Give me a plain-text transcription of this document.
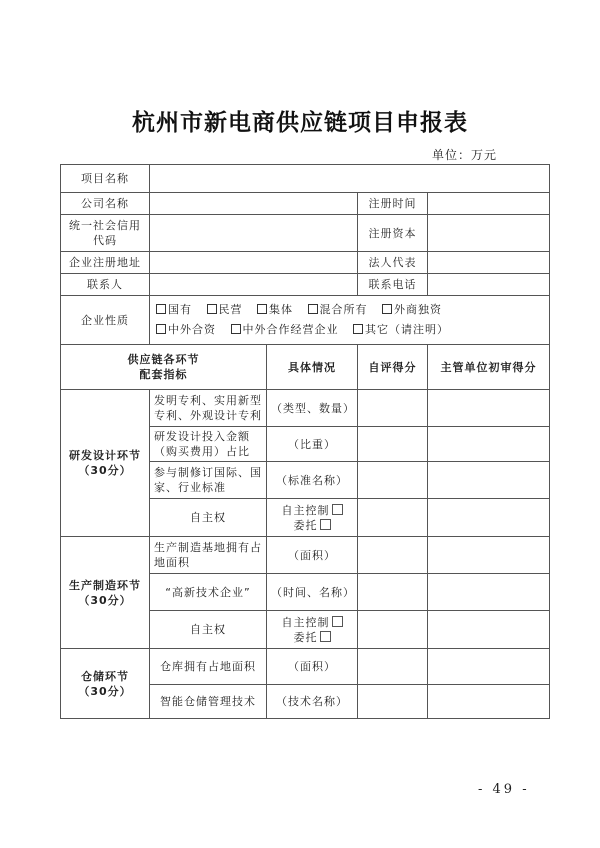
杭州市新电商供应链项目申报表
单位：万元
项目名称				
公司名称			注册时间	
统一社会信用代码			注册资本	
企业注册地址			法人代表	
联系人			联系电话	
企业性质	国有 民营 集体 混合所有 外商独资
中外合资 中外合作经营企业 其它（请注明）			

供应链各环节
配套指标		具体情况	自评得分	主管单位初审得分

研发设计环节
（30分）	发明专利、实用新型专利、外观设计专利	（类型、数量）		
	研发设计投入金额（购买费用）占比	（比重）		
	参与制修订国际、国家、行业标准	（标准名称）		
	自主权	自主控制
委托		

生产制造环节
（30分）	生产制造基地拥有占地面积	（面积）		
	“高新技术企业”	（时间、名称）		
	自主权	自主控制
委托		

仓储环节
（30分）	仓库拥有占地面积	（面积）		
	智能仓储管理技术	（技术名称）		
- 49 -
